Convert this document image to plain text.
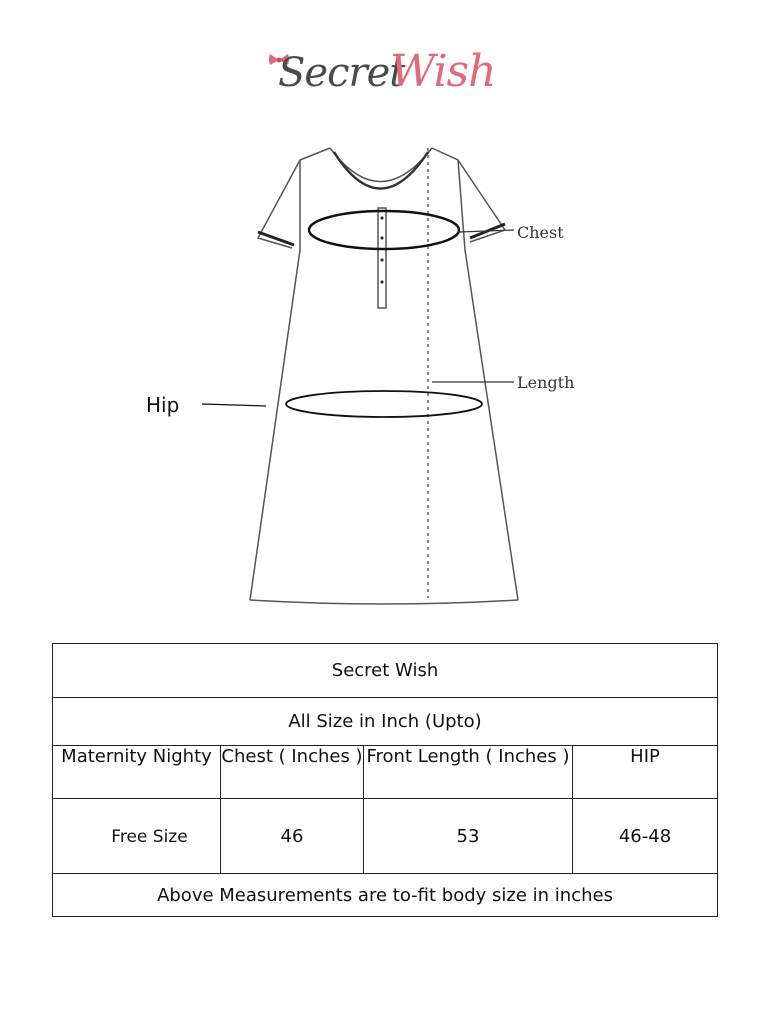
Secret
Wish
Chest
Length
Hip
Secret Wish			
All Size in Inch (Upto)			
Maternity Nighty	Chest ( Inches )	Front Length ( Inches )	HIP
Free Size	46	53	46-48
Above Measurements are to-fit body size in inches			
